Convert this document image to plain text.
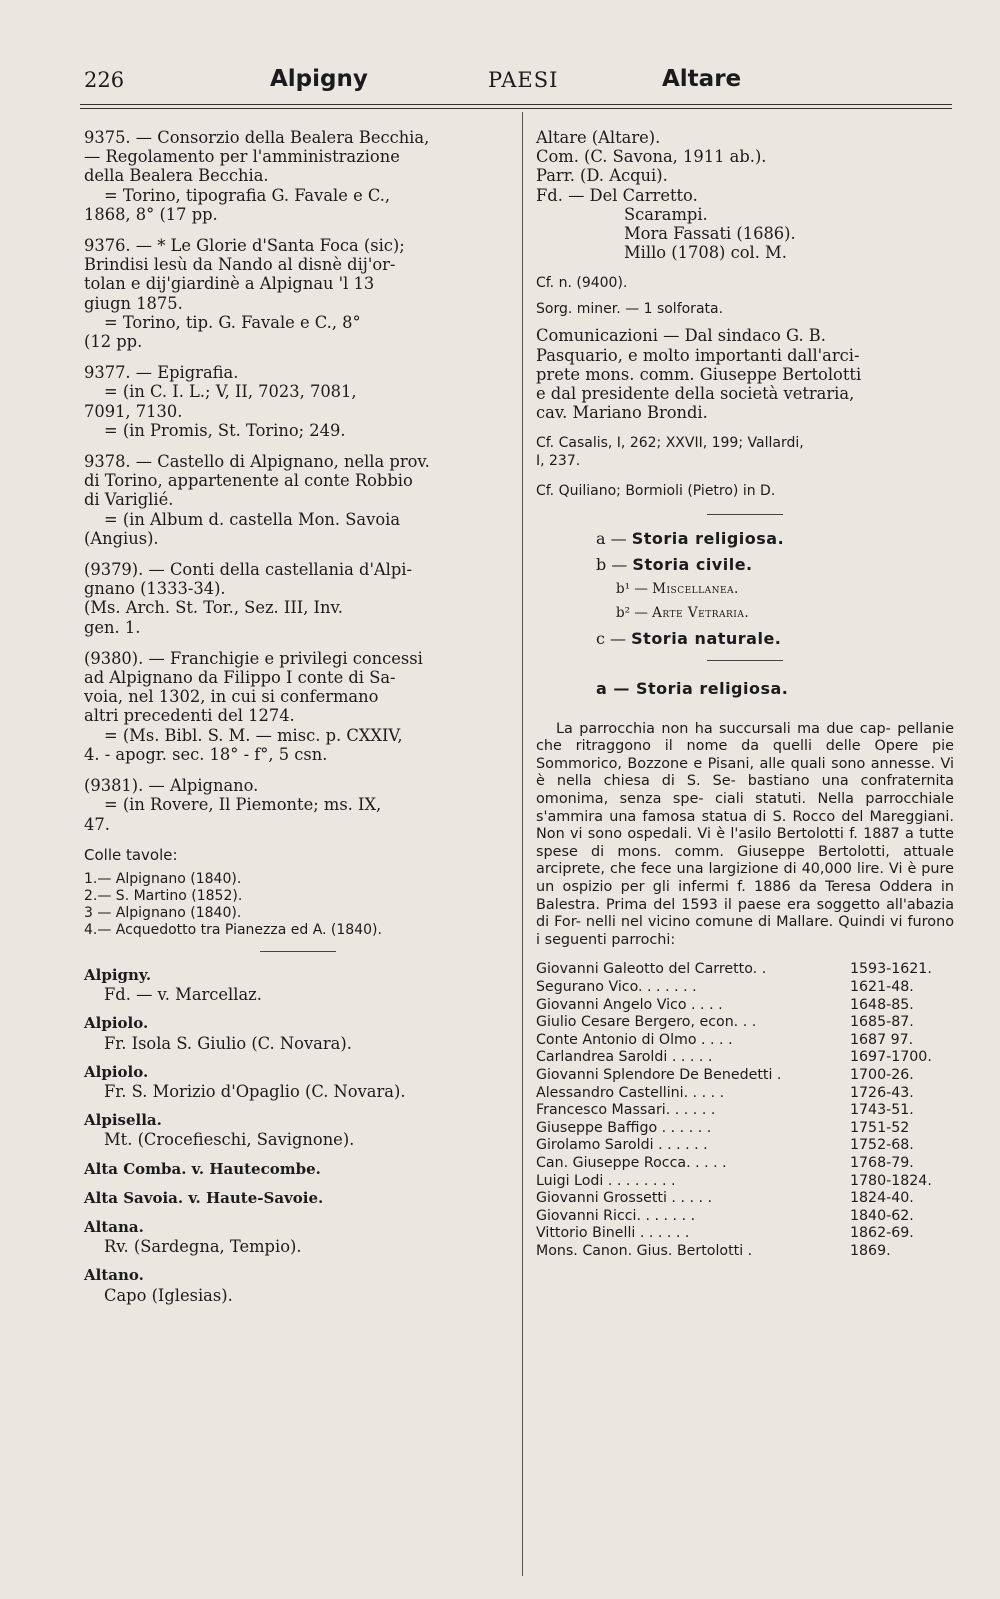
226	Alpigny	PAESI	Altare

9375. — Consorzio della Bealera Becchia,

— Regolamento per l'amministrazione

della Bealera Becchia.

= Torino, tipografia G. Favale e C.,

1868, 8° (17 pp.

9376. — * Le Glorie d'Santa Foca (sic);

Brindisi lesù da Nando al disnè dij'or-

tolan e dij'giardinè a Alpignau 'l 13

giugn 1875.

= Torino, tip. G. Favale e C., 8°

(12 pp.

9377. — Epigrafia.

= (in C. I. L.; V, II, 7023, 7081,

7091, 7130.

= (in Promis, St. Torino; 249.

9378. — Castello di Alpignano, nella prov.

di Torino, appartenente al conte Robbio

di Variglié.

= (in Album d. castella Mon. Savoia

(Angius).

(9379). — Conti della castellania d'Alpi-

gnano (1333-34).

(Ms. Arch. St. Tor., Sez. III, Inv.

gen. 1.

(9380). — Franchigie e privilegi concessi

ad Alpignano da Filippo I conte di Sa-

voia, nel 1302, in cui si confermano

altri precedenti del 1274.

= (Ms. Bibl. S. M. — misc. p. CXXIV,

4. - apogr. sec. 18° - f°, 5 csn.

(9381). — Alpignano.

= (in Rovere, Il Piemonte; ms. IX,

47.

Colle tavole:
1.— Alpignano (1840).
2.— S. Martino (1852).
3 — Alpignano (1840).
4.— Acquedotto tra Pianezza ed A. (1840).
Alpigny.
Fd. — v. Marcellaz.
Alpiolo.
Fr. Isola S. Giulio (C. Novara).
Alpiolo.
Fr. S. Morizio d'Opaglio (C. Novara).
Alpisella.
Mt. (Crocefieschi, Savignone).
Alta Comba. v. Hautecombe.
Alta Savoia. v. Haute-Savoie.
Altana.
Rv. (Sardegna, Tempio).
Altano.
Capo (Iglesias).

Altare (Altare).

Com. (C. Savona, 1911 ab.).

Parr. (D. Acqui).

Fd. — Del Carretto.

Scarampi.

Mora Fassati (1686).

Millo (1708) col. M.

Cf. n. (9400).

Sorg. miner. — 1 solforata.

Comunicazioni — Dal sindaco G. B.

Pasquario, e molto importanti dall'arci-

prete mons. comm. Giuseppe Bertolotti

e dal presidente della società vetraria,

cav. Mariano Brondi.

Cf. Casalis, I, 262; XXVII, 199; Vallardi,

I, 237.

Cf. Quiliano; Bormioli (Pietro) in D.

a — Storia religiosa.
b — Storia civile.
b¹ — Miscellanea.
b² — Arte Vetraria.
c — Storia naturale.
a — Storia religiosa.

La parrocchia non ha succursali ma due cap- pellanie che ritraggono il nome da quelli delle Opere pie Sommorico, Bozzone e Pisani, alle quali sono annesse. Vi è nella chiesa di S. Se- bastiano una confraternita omonima, senza spe- ciali statuti. Nella parrocchiale s'ammira una famosa statua di S. Rocco del Mareggiani. Non vi sono ospedali. Vi è l'asilo Bertolotti f. 1887 a tutte spese di mons. comm. Giuseppe Bertolotti, attuale arciprete, che fece una largizione di 40,000 lire. Vi è pure un ospizio per gli infermi f. 1886 da Teresa Oddera in Balestra. Prima del 1593 il paese era soggetto all'abazia di For- nelli nel vicino comune di Mallare. Quindi vi furono i seguenti parrochi:

Giovanni Galeotto del Carretto. .	1593-1621.
Segurano Vico. . . . . . .	1621-48.
Giovanni Angelo Vico . . . .	1648-85.
Giulio Cesare Bergero, econ. . .	1685-87.
Conte Antonio di Olmo . . . .	1687 97.
Carlandrea Saroldi . . . . .	1697-1700.
Giovanni Splendore De Benedetti .	1700-26.
Alessandro Castellini. . . . .	1726-43.
Francesco Massari. . . . . .	1743-51.
Giuseppe Baffigo . . . . . .	1751-52
Girolamo Saroldi . . . . . .	1752-68.
Can. Giuseppe Rocca. . . . .	1768-79.
Luigi Lodi . . . . . . . .	1780-1824.
Giovanni Grossetti . . . . .	1824-40.
Giovanni Ricci. . . . . . .	1840-62.
Vittorio Binelli . . . . . .	1862-69.
Mons. Canon. Gius. Bertolotti .	1869.
